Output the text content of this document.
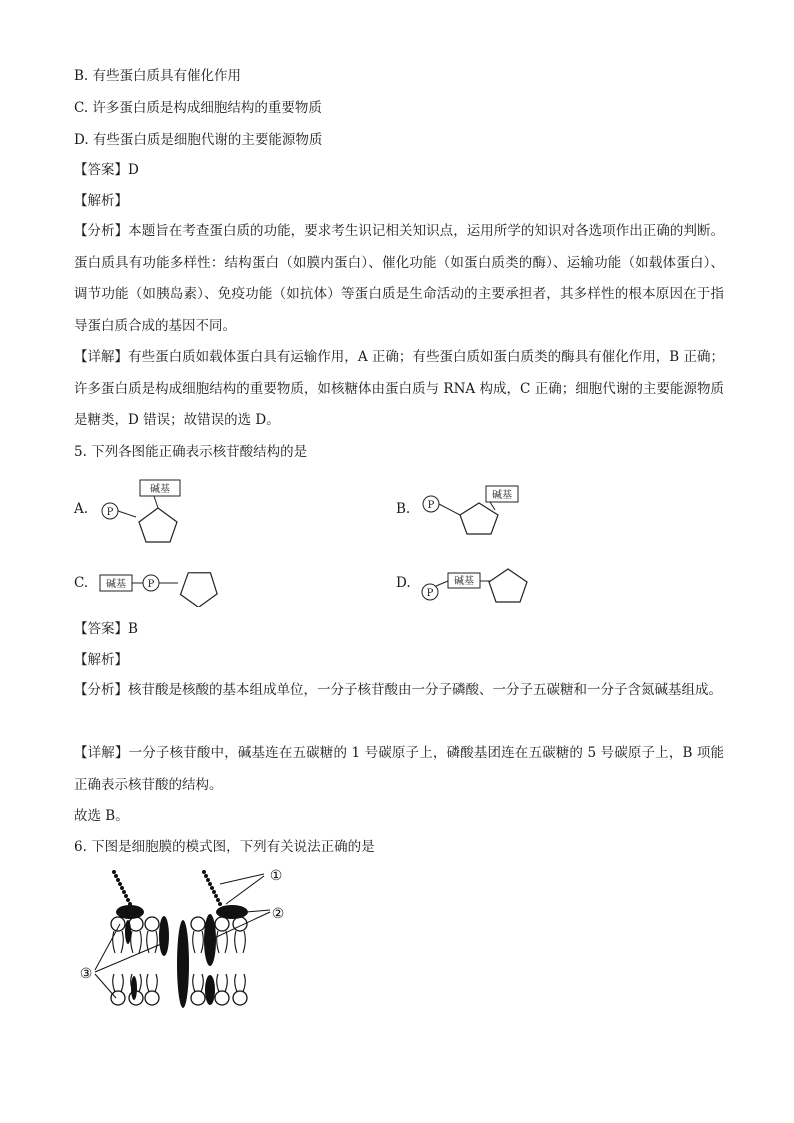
B. 有些蛋白质具有催化作用
C. 许多蛋白质是构成细胞结构的重要物质
D. 有些蛋白质是细胞代谢的主要能源物质
【答案】D
【解析】
【分析】本题旨在考查蛋白质的功能，要求考生识记相关知识点，运用所学的知识对各选项作出正确的判断。蛋白质具有功能多样性：结构蛋白（如膜内蛋白）、催化功能（如蛋白质类的酶）、运输功能（如载体蛋白）、调节功能（如胰岛素）、免疫功能（如抗体）等蛋白质是生命活动的主要承担者，其多样性的根本原因在于指导蛋白质合成的基因不同。
【详解】有些蛋白质如载体蛋白具有运输作用，A 正确；有些蛋白质如蛋白质类的酶具有催化作用，B 正确；许多蛋白质是构成细胞结构的重要物质，如核糖体由蛋白质与 RNA 构成，C 正确；细胞代谢的主要能源物质是糖类，D 错误；故错误的选 D。
5. 下列各图能正确表示核苷酸结构的是
A.
碱基
P	B.
碱基
P
C. 碱基 P	D.	碱基
P
【答案】B
【解析】
【分析】核苷酸是核酸的基本组成单位，一分子核苷酸由一分子磷酸、一分子五碳糖和一分子含氮碱基组成。
【详解】一分子核苷酸中，碱基连在五碳糖的 1 号碳原子上，磷酸基团连在五碳糖的 5 号碳原子上，B 项能正确表示核苷酸的结构。
故选 B。
6. 下图是细胞膜的模式图，下列有关说法正确的是
①
②
③
